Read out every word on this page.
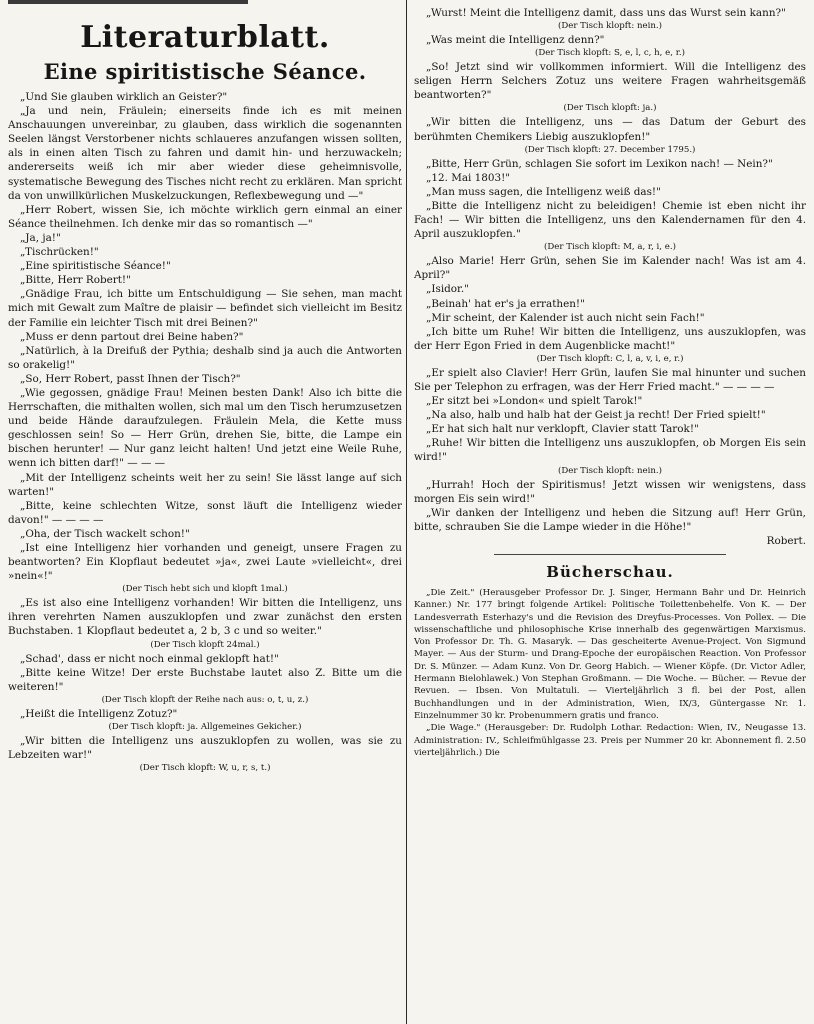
Literaturblatt.
Eine spiritistische Séance.

„Und Sie glauben wirklich an Geister?"

„Ja und nein, Fräulein; einerseits finde ich es mit meinen Anschauungen unvereinbar, zu glauben, dass wirklich die sogenannten Seelen längst Verstorbener nichts schlaueres anzufangen wissen sollten, als in einen alten Tisch zu fahren und damit hin- und herzuwackeln; andererseits weiß ich mir aber wieder diese geheimnisvolle, systematische Bewegung des Tisches nicht recht zu erklären. Man spricht da von unwillkürlichen Muskelzuckungen, Reflexbewegung und —"

„Herr Robert, wissen Sie, ich möchte wirklich gern einmal an einer Séance theilnehmen. Ich denke mir das so romantisch —"

„Ja, ja!"

„Tischrücken!"

„Eine spiritistische Séance!"

„Bitte, Herr Robert!"

„Gnädige Frau, ich bitte um Entschuldigung — Sie sehen, man macht mich mit Gewalt zum Maître de plaisir — befindet sich vielleicht im Besitz der Familie ein leichter Tisch mit drei Beinen?"

„Muss er denn partout drei Beine haben?"

„Natürlich, à la Dreifuß der Pythia; deshalb sind ja auch die Antworten so orakelig!"

„So, Herr Robert, passt Ihnen der Tisch?"

„Wie gegossen, gnädige Frau! Meinen besten Dank! Also ich bitte die Herrschaften, die mithalten wollen, sich mal um den Tisch herumzusetzen und beide Hände daraufzulegen. Fräulein Mela, die Kette muss geschlossen sein! So — Herr Grün, drehen Sie, bitte, die Lampe ein bischen herunter! — Nur ganz leicht halten! Und jetzt eine Weile Ruhe, wenn ich bitten darf!" — — —

„Mit der Intelligenz scheints weit her zu sein! Sie lässt lange auf sich warten!"

„Bitte, keine schlechten Witze, sonst läuft die Intelligenz wieder davon!" — — — —

„Oha, der Tisch wackelt schon!"

„Ist eine Intelligenz hier vorhanden und geneigt, unsere Fragen zu beantworten? Ein Klopflaut bedeutet »ja«, zwei Laute »vielleicht«, drei »nein«!"

(Der Tisch hebt sich und klopft 1mal.)

„Es ist also eine Intelligenz vorhanden! Wir bitten die Intelligenz, uns ihren verehrten Namen auszuklopfen und zwar zunächst den ersten Buchstaben. 1 Klopflaut bedeutet a, 2 b, 3 c und so weiter."

(Der Tisch klopft 24mal.)

„Schad', dass er nicht noch einmal geklopft hat!"

„Bitte keine Witze! Der erste Buchstabe lautet also Z. Bitte um die weiteren!"

(Der Tisch klopft der Reihe nach aus: o, t, u, z.)

„Heißt die Intelligenz Zotuz?"

(Der Tisch klopft: ja. Allgemeines Gekicher.)

„Wir bitten die Intelligenz uns auszuklopfen zu wollen, was sie zu Lebzeiten war!"

(Der Tisch klopft: W, u, r, s, t.)

„Wurst! Meint die Intelligenz damit, dass uns das Wurst sein kann?"

(Der Tisch klopft: nein.)

„Was meint die Intelligenz denn?"

(Der Tisch klopft: S, e, l, c, h, e, r.)

„So! Jetzt sind wir vollkommen informiert. Will die Intelligenz des seligen Herrn Selchers Zotuz uns weitere Fragen wahrheitsgemäß beantworten?"

(Der Tisch klopft: ja.)

„Wir bitten die Intelligenz, uns — das Datum der Geburt des berühmten Chemikers Liebig auszuklopfen!"

(Der Tisch klopft: 27. December 1795.)

„Bitte, Herr Grün, schlagen Sie sofort im Lexikon nach! — Nein?"

„12. Mai 1803!"

„Man muss sagen, die Intelligenz weiß das!"

„Bitte die Intelligenz nicht zu beleidigen! Chemie ist eben nicht ihr Fach! — Wir bitten die Intelligenz, uns den Kalendernamen für den 4. April auszuklopfen."

(Der Tisch klopft: M, a, r, i, e.)

„Also Marie! Herr Grün, sehen Sie im Kalender nach! Was ist am 4. April?"

„Isidor."

„Beinah' hat er's ja errathen!"

„Mir scheint, der Kalender ist auch nicht sein Fach!"

„Ich bitte um Ruhe! Wir bitten die Intelligenz, uns auszuklopfen, was der Herr Egon Fried in dem Augenblicke macht!"

(Der Tisch klopft: C, l, a, v, i, e, r.)

„Er spielt also Clavier! Herr Grün, laufen Sie mal hinunter und suchen Sie per Telephon zu erfragen, was der Herr Fried macht." — — — —

„Er sitzt bei »London« und spielt Tarok!"

„Na also, halb und halb hat der Geist ja recht! Der Fried spielt!"

„Er hat sich halt nur verklopft, Clavier statt Tarok!"

„Ruhe! Wir bitten die Intelligenz uns auszuklopfen, ob Morgen Eis sein wird!"

(Der Tisch klopft: nein.)

„Hurrah! Hoch der Spiritismus! Jetzt wissen wir wenigstens, dass morgen Eis sein wird!"

„Wir danken der Intelligenz und heben die Sitzung auf! Herr Grün, bitte, schrauben Sie die Lampe wieder in die Höhe!"

Robert.

Bücherschau.

„Die Zeit." (Herausgeber Professor Dr. J. Singer, Hermann Bahr und Dr. Heinrich Kanner.) Nr. 177 bringt folgende Artikel: Politische Toilettenbehelfe. Von K. — Der Landesverrath Esterhazy's und die Revision des Dreyfus-Processes. Von Pollex. — Die wissenschaftliche und philosophische Krise innerhalb des gegenwärtigen Marxismus. Von Professor Dr. Th. G. Masaryk. — Das gescheiterte Avenue-Project. Von Sigmund Mayer. — Aus der Sturm- und Drang-Epoche der europäischen Reaction. Von Professor Dr. S. Münzer. — Adam Kunz. Von Dr. Georg Habich. — Wiener Köpfe. (Dr. Victor Adler, Hermann Bielohlawek.) Von Stephan Großmann. — Die Woche. — Bücher. — Revue der Revuen. — Ibsen. Von Multatuli. — Vierteljährlich 3 fl. bei der Post, allen Buchhandlungen und in der Administration, Wien, IX/3, Güntergasse Nr. 1. Einzelnummer 30 kr. Probenummern gratis und franco.

„Die Wage." (Herausgeber: Dr. Rudolph Lothar. Redaction: Wien, IV., Neugasse 13. Administration: IV., Schleifmühlgasse 23. Preis per Nummer 20 kr. Abonnement fl. 2.50 vierteljährlich.) Die
